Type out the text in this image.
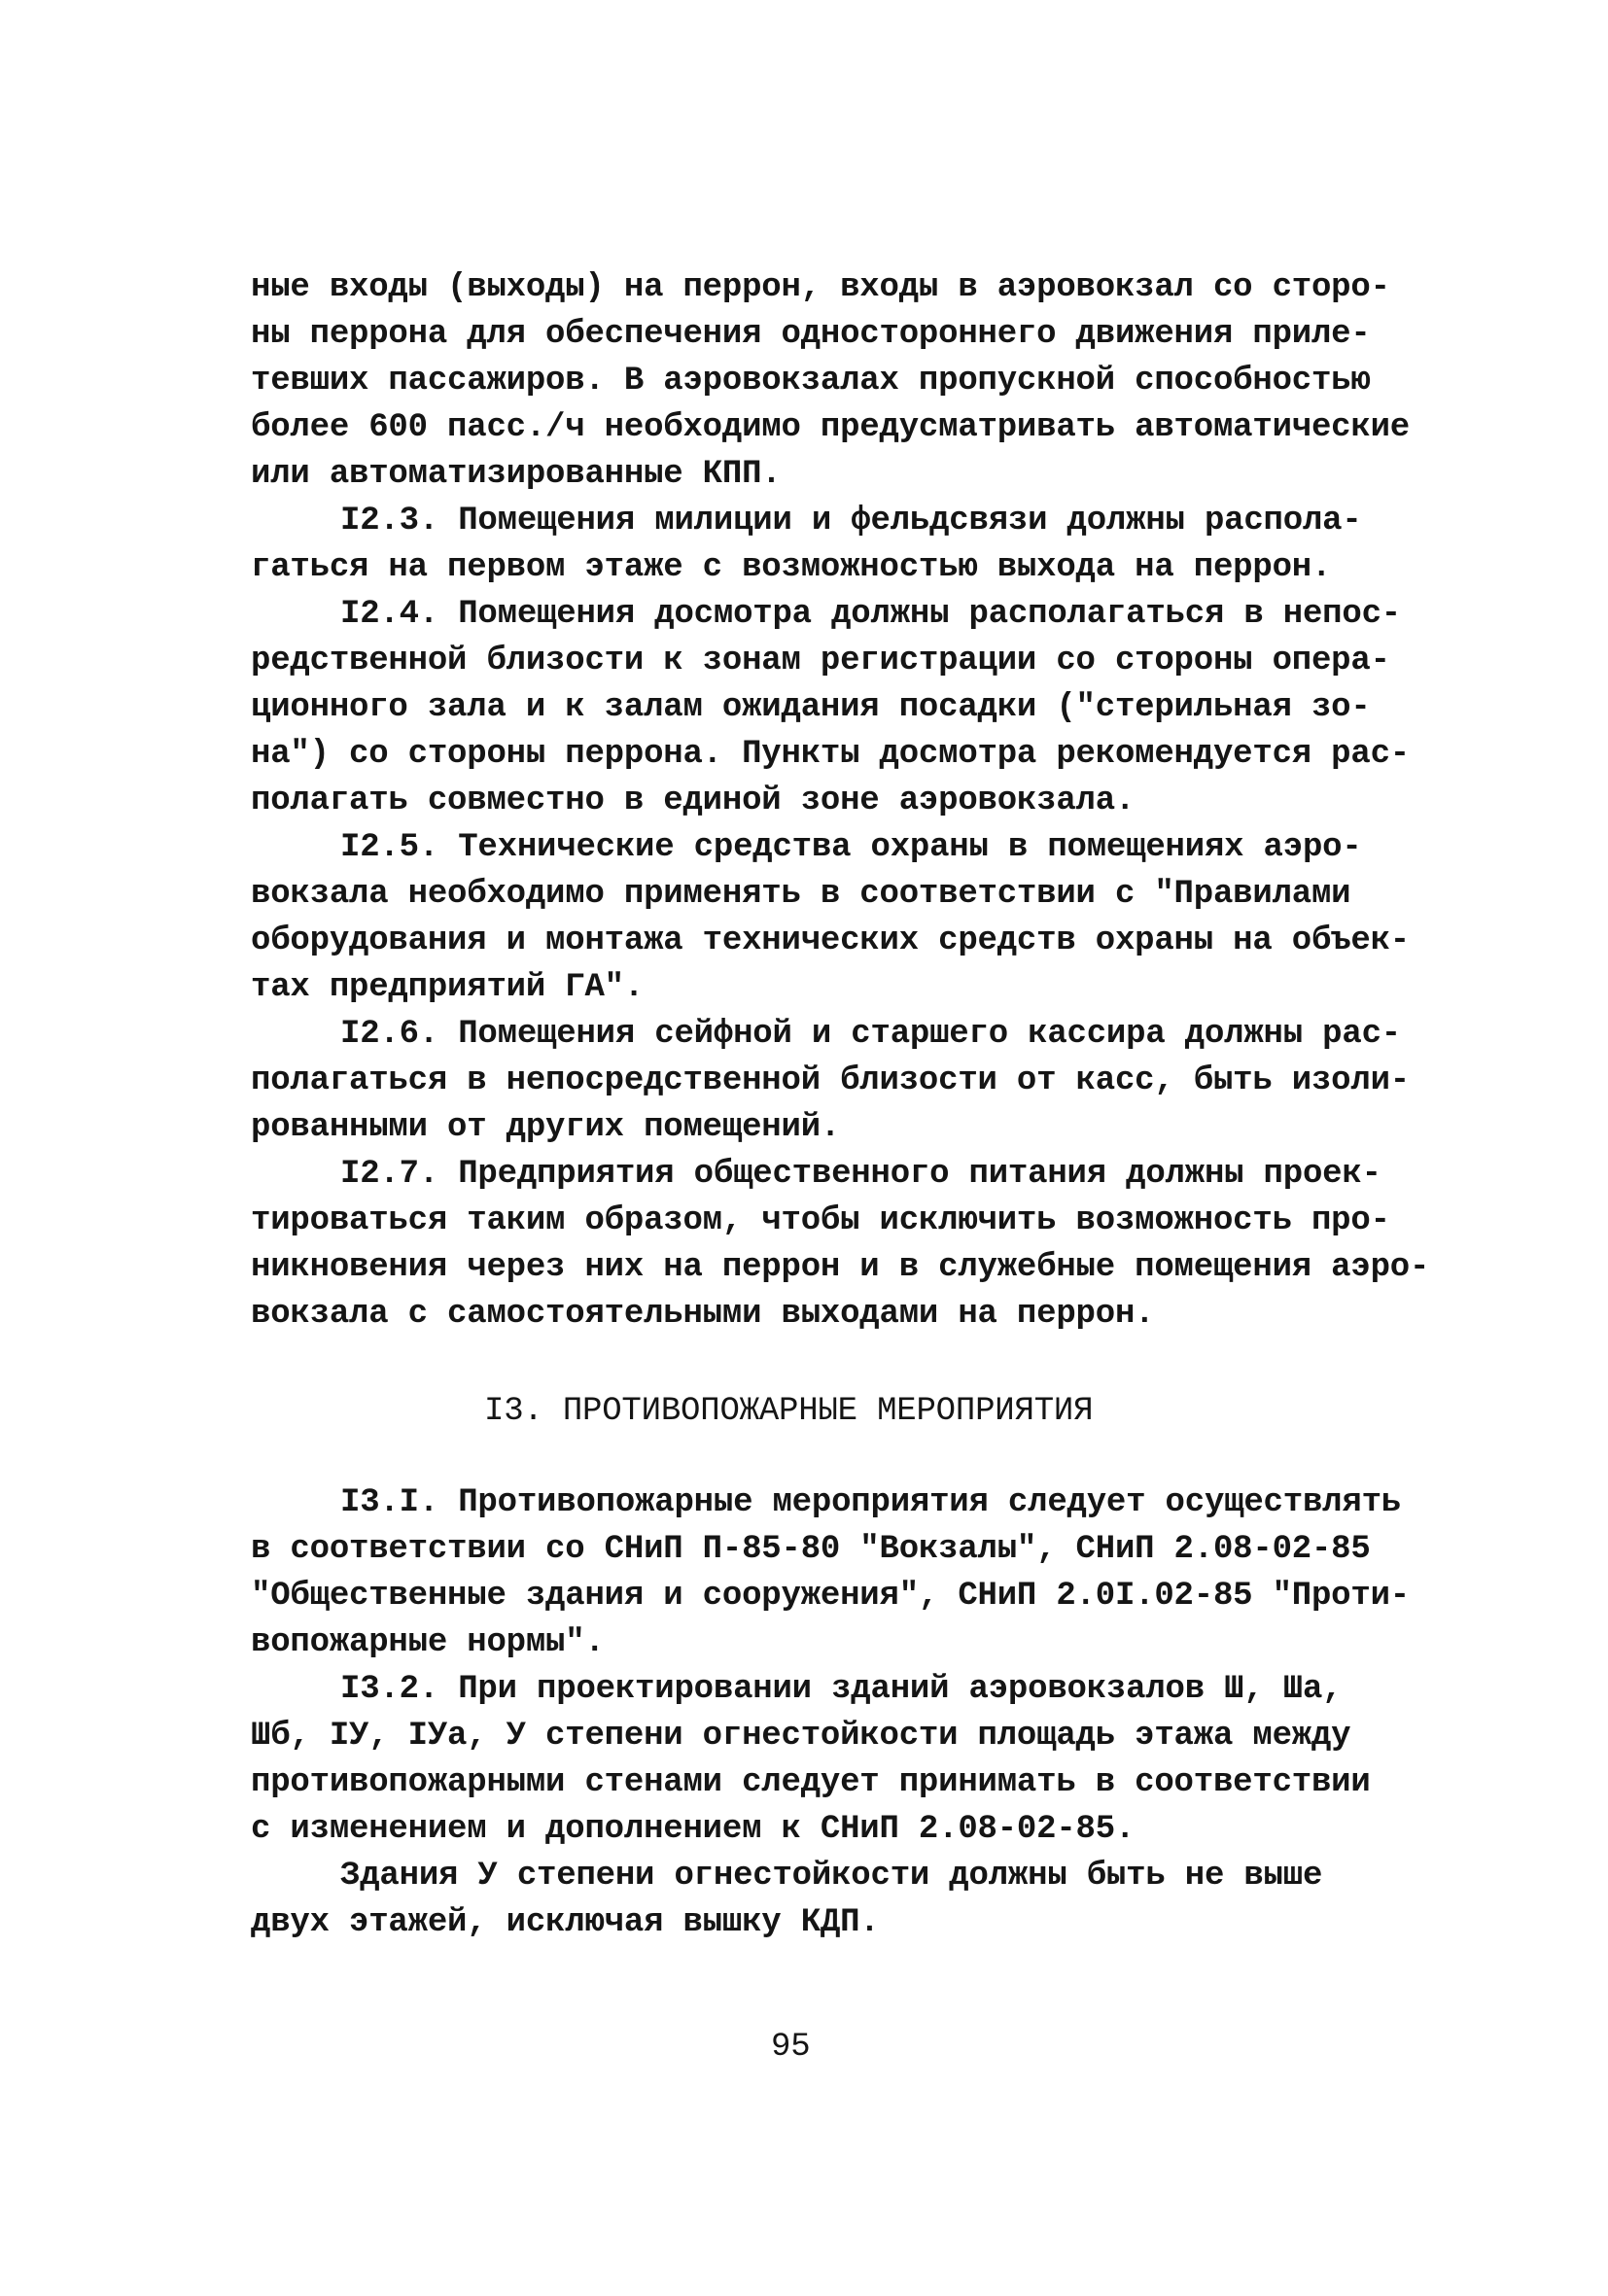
ные входы (выходы) на перрон, входы в аэровокзал со сторо-

ны перрона для обеспечения одностороннего движения приле-

тевших пассажиров. В аэровокзалах пропускной способностью

более 600 пасс./ч необходимо предусматривать автоматические

или автоматизированные КПП.

I2.3. Помещения милиции и фельдсвязи должны распола-

гаться на первом этаже с возможностью выхода на перрон.

I2.4. Помещения досмотра должны располагаться в непос-

редственной близости к зонам регистрации со стороны опера-

ционного зала и к залам ожидания посадки ("стерильная зо-

на") со стороны перрона. Пункты досмотра рекомендуется рас-

полагать совместно в единой зоне аэровокзала.

I2.5. Технические средства охраны в помещениях аэро-

вокзала необходимо применять в соответствии с "Правилами

оборудования и монтажа технических средств охраны на объек-

тах предприятий ГА".

I2.6. Помещения сейфной и старшего кассира должны рас-

полагаться в непосредственной близости от касс, быть изоли-

рованными от других помещений.

I2.7. Предприятия общественного питания должны проек-

тироваться таким образом, чтобы исключить возможность про-

никновения через них на перрон и в служебные помещения аэро-

вокзала с самостоятельными выходами на перрон.

I3. ПРОТИВОПОЖАРНЫЕ МЕРОПРИЯТИЯ

I3.I. Противопожарные мероприятия следует осуществлять

в соответствии со СНиП П-85-80 "Вокзалы", СНиП 2.08-02-85

"Общественные здания и сооружения", СНиП 2.0I.02-85 "Проти-

вопожарные нормы".

I3.2. При проектировании зданий аэровокзалов Ш, Ша,

Шб, IУ, IУа, У степени огнестойкости площадь этажа между

противопожарными стенами следует принимать в соответствии

с изменением и дополнением к СНиП 2.08-02-85.

Здания У степени огнестойкости должны быть не выше

двух этажей, исключая вышку КДП.

95
